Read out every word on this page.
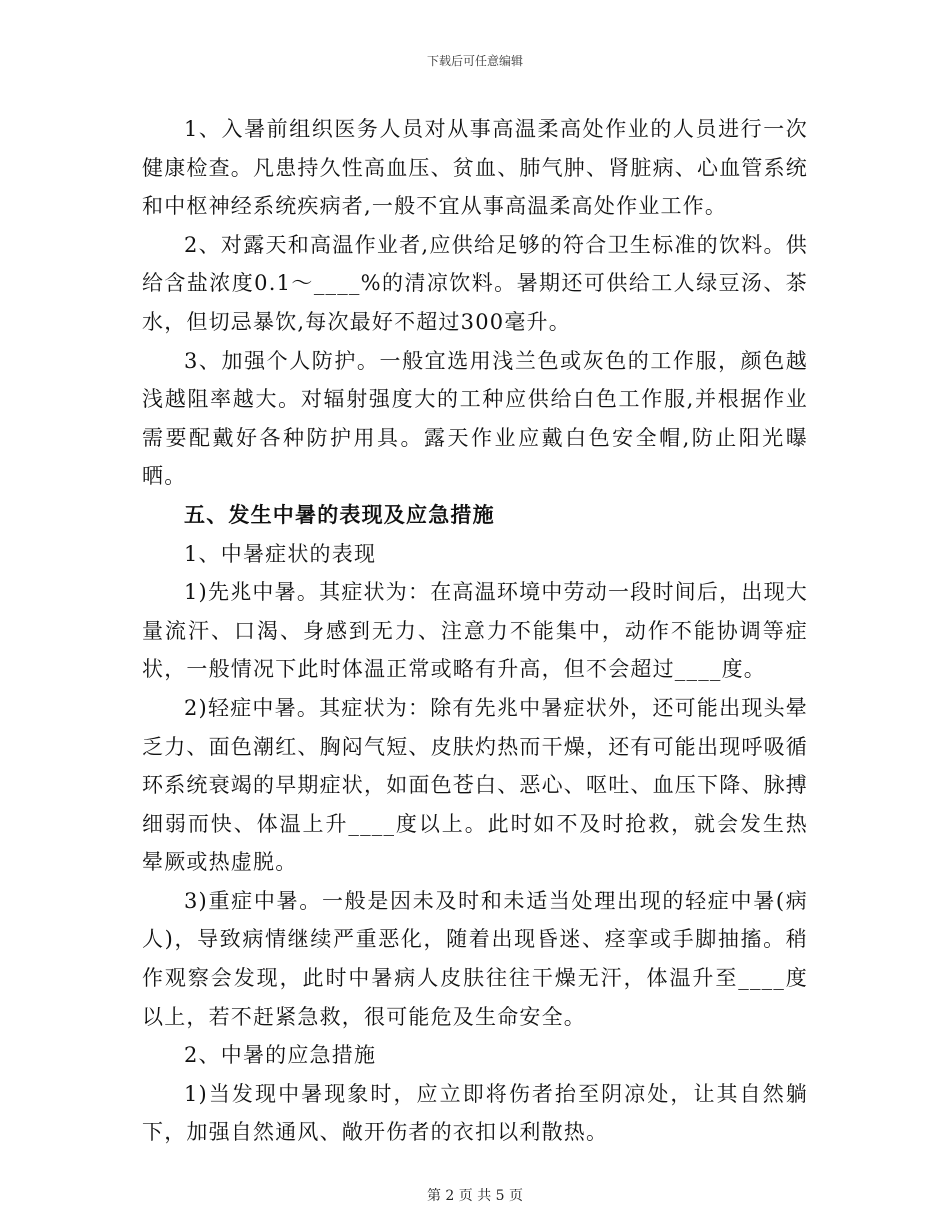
下载后可任意编辑

1、入暑前组织医务人员对从事高温柔高处作业的人员进行一次健康检查。凡患持久性高血压、贫血、肺气肿、肾脏病、心血管系统和中枢神经系统疾病者,一般不宜从事高温柔高处作业工作。

2、对露天和高温作业者,应供给足够的符合卫生标准的饮料。供给含盐浓度0.1～____%的清凉饮料。暑期还可供给工人绿豆汤、茶水，但切忌暴饮,每次最好不超过300毫升。

3、加强个人防护。一般宜选用浅兰色或灰色的工作服，颜色越浅越阻率越大。对辐射强度大的工种应供给白色工作服,并根据作业需要配戴好各种防护用具。露天作业应戴白色安全帽,防止阳光曝晒。

五、发生中暑的表现及应急措施

1、中暑症状的表现

1)先兆中暑。其症状为：在高温环境中劳动一段时间后，出现大量流汗、口渴、身感到无力、注意力不能集中，动作不能协调等症状，一般情况下此时体温正常或略有升高，但不会超过____度。

2)轻症中暑。其症状为：除有先兆中暑症状外，还可能出现头晕乏力、面色潮红、胸闷气短、皮肤灼热而干燥，还有可能出现呼吸循环系统衰竭的早期症状，如面色苍白、恶心、呕吐、血压下降、脉搏细弱而快、体温上升____度以上。此时如不及时抢救，就会发生热晕厥或热虚脱。

3)重症中暑。一般是因未及时和未适当处理出现的轻症中暑(病人)，导致病情继续严重恶化，随着出现昏迷、痉挛或手脚抽搐。稍作观察会发现，此时中暑病人皮肤往往干燥无汗，体温升至____度以上，若不赶紧急救，很可能危及生命安全。

2、中暑的应急措施

1)当发现中暑现象时，应立即将伤者抬至阴凉处，让其自然躺下，加强自然通风、敞开伤者的衣扣以利散热。

第 2 页 共 5 页
